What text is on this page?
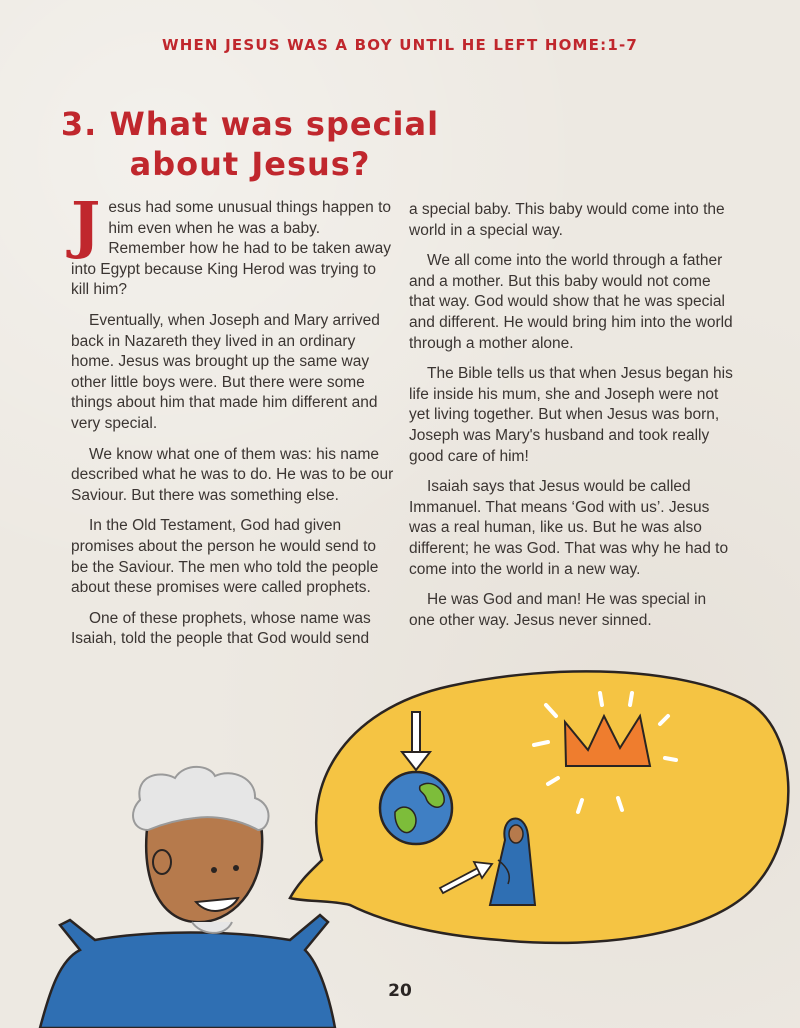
WHEN JESUS WAS A BOY UNTIL HE LEFT HOME:1-7
3. What was special
about Jesus?

Jesus had some unusual things happen to him even when he was a baby. Remember how he had to be taken away into Egypt because King Herod was trying to kill him?

Eventually, when Joseph and Mary arrived back in Nazareth they lived in an ordinary home. Jesus was brought up the same way other little boys were. But there were some things about him that made him different and very special.

We know what one of them was: his name described what he was to do. He was to be our Saviour. But there was something else.

In the Old Testament, God had given promises about the person he would send to be the Saviour. The men who told the people about these promises were called prophets.

One of these prophets, whose name was Isaiah, told the people that God would send

a special baby. This baby would come into the world in a special way.

We all come into the world through a father and a mother. But this baby would not come that way. God would show that he was special and different. He would bring him into the world through a mother alone.

The Bible tells us that when Jesus began his life inside his mum, she and Joseph were not yet living together. But when Jesus was born, Joseph was Mary's husband and took really good care of him!

Isaiah says that Jesus would be called Immanuel. That means ‘God with us’. Jesus was a real human, like us. But he was also different; he was God. That was why he had to come into the world in a new way.

He was God and man! He was special in one other way. Jesus never sinned.

20
